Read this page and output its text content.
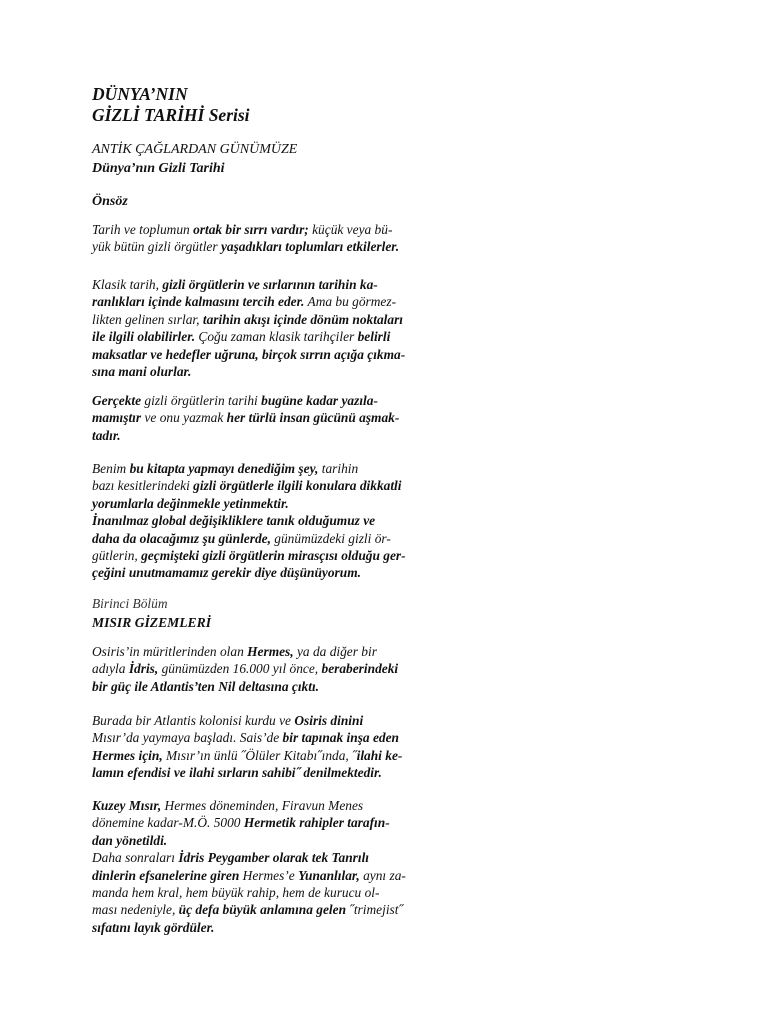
DÜNYA’NIN
GİZLİ TARİHİ Serisi
ANTİK ÇAĞLARDAN GÜNÜMÜZE
Dünya’nın Gizli Tarihi
Önsöz
Tarih ve toplumun ortak bir sırrı vardır; küçük veya bü-
yük bütün gizli örgütler yaşadıkları toplumları etkilerler.
Klasik tarih, gizli örgütlerin ve sırlarının tarihin ka-
ranlıkları içinde kalmasını tercih eder. Ama bu görmez-
likten gelinen sırlar, tarihin akışı içinde dönüm noktaları
ile ilgili olabilirler. Çoğu zaman klasik tarihçiler belirli
maksatlar ve hedefler uğruna, birçok sırrın açığa çıkma-
sına mani olurlar.
Gerçekte gizli örgütlerin tarihi bugüne kadar yazıla-
mamıştır ve onu yazmak her türlü insan gücünü aşmak-
tadır.
Benim bu kitapta yapmayı denediğim şey, tarihin
bazı kesitlerindeki gizli örgütlerle ilgili konulara dikkatli
yorumlarla değinmekle yetinmektir.
İnanılmaz global değişikliklere tanık olduğumuz ve
daha da olacağımız şu günlerde, günümüzdeki gizli ör-
gütlerin, geçmişteki gizli örgütlerin mirasçısı olduğu ger-
çeğini unutmamamız gerekir diye düşünüyorum.
Birinci Bölüm
MISIR GİZEMLERİ
Osiris’in müritlerinden olan Hermes, ya da diğer bir
adıyla İdris, günümüzden 16.000 yıl önce, beraberindeki
bir güç ile Atlantis’ten Nil deltasına çıktı.
Burada bir Atlantis kolonisi kurdu ve Osiris dinini
Mısır’da yaymaya başladı. Sais’de bir tapınak inşa eden
Hermes için, Mısır’ın ünlü ˝Ölüler Kitabı˝ında, ˝ilahi ke-
lamın efendisi ve ilahi sırların sahibi˝ denilmektedir.
Kuzey Mısır, Hermes döneminden, Firavun Menes
dönemine kadar-M.Ö. 5000 Hermetik rahipler tarafın-
dan yönetildi.
Daha sonraları İdris Peygamber olarak tek Tanrılı
dinlerin efsanelerine giren Hermes’e Yunanlılar, aynı za-
manda hem kral, hem büyük rahip, hem de kurucu ol-
ması nedeniyle, üç defa büyük anlamına gelen ˝trimejist˝
sıfatını layık gördüler.
